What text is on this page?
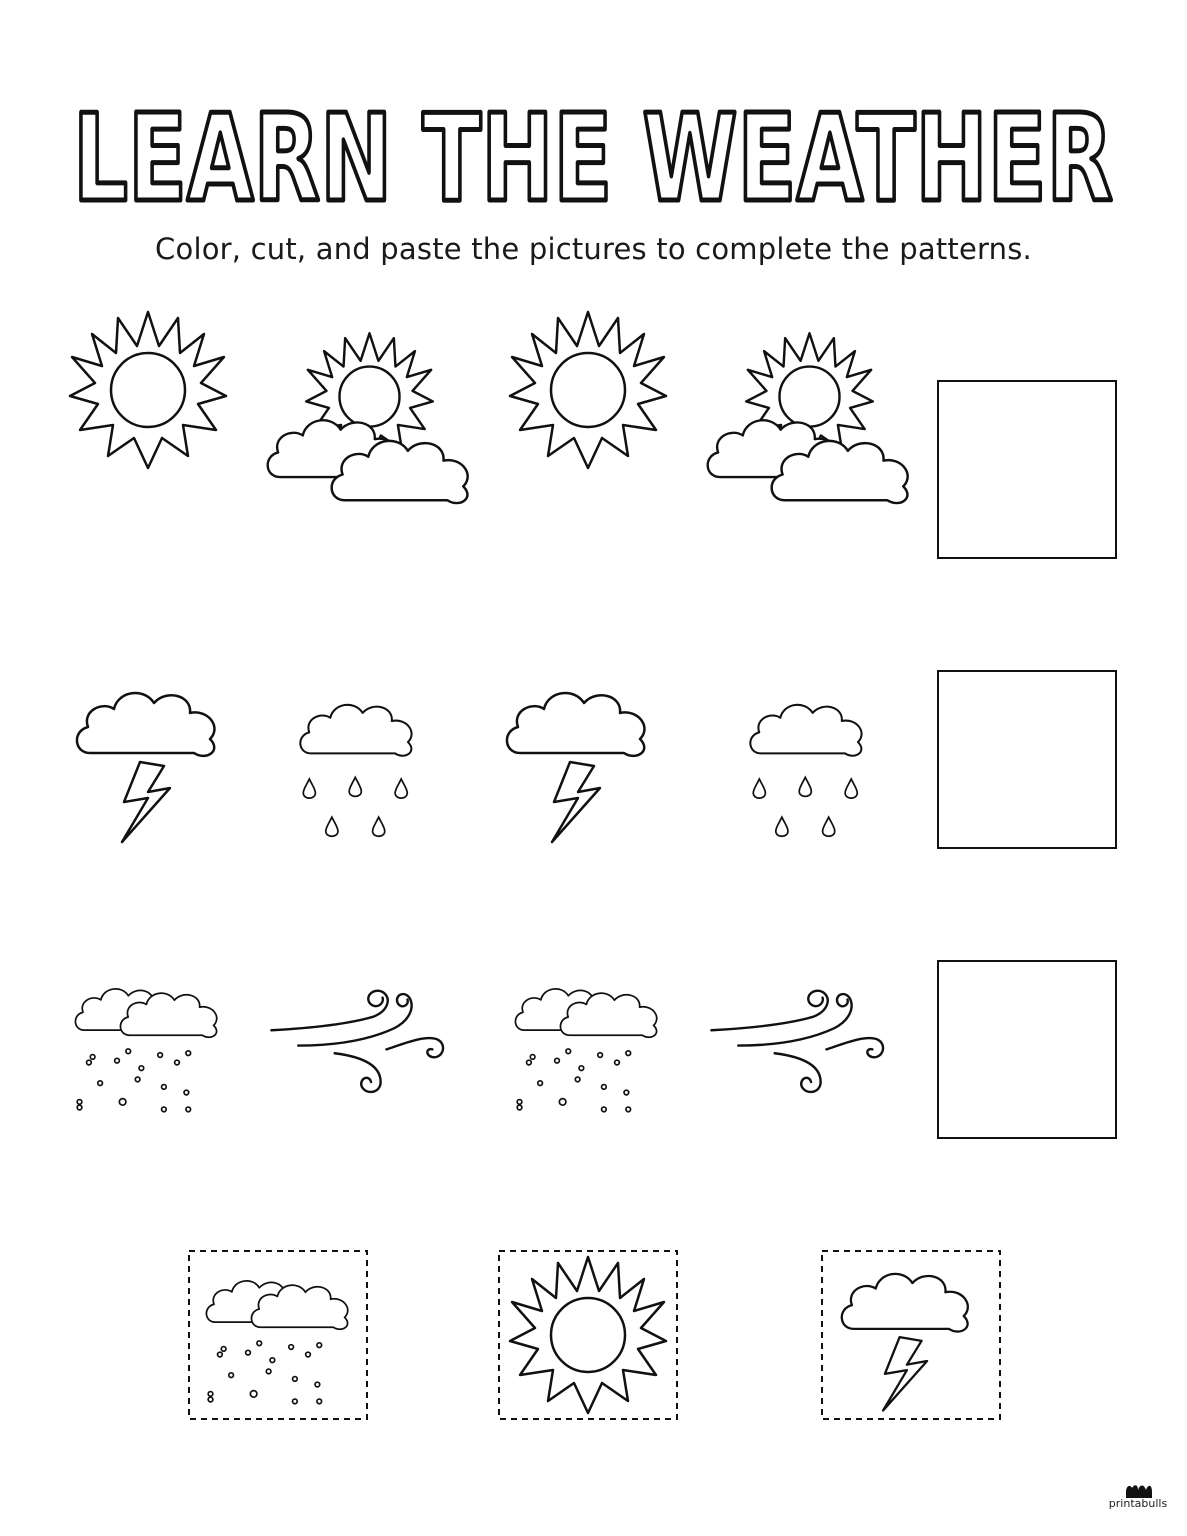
LEARN THE WEATHER
Color, cut, and paste the pictures to complete the patterns.
printabulls
